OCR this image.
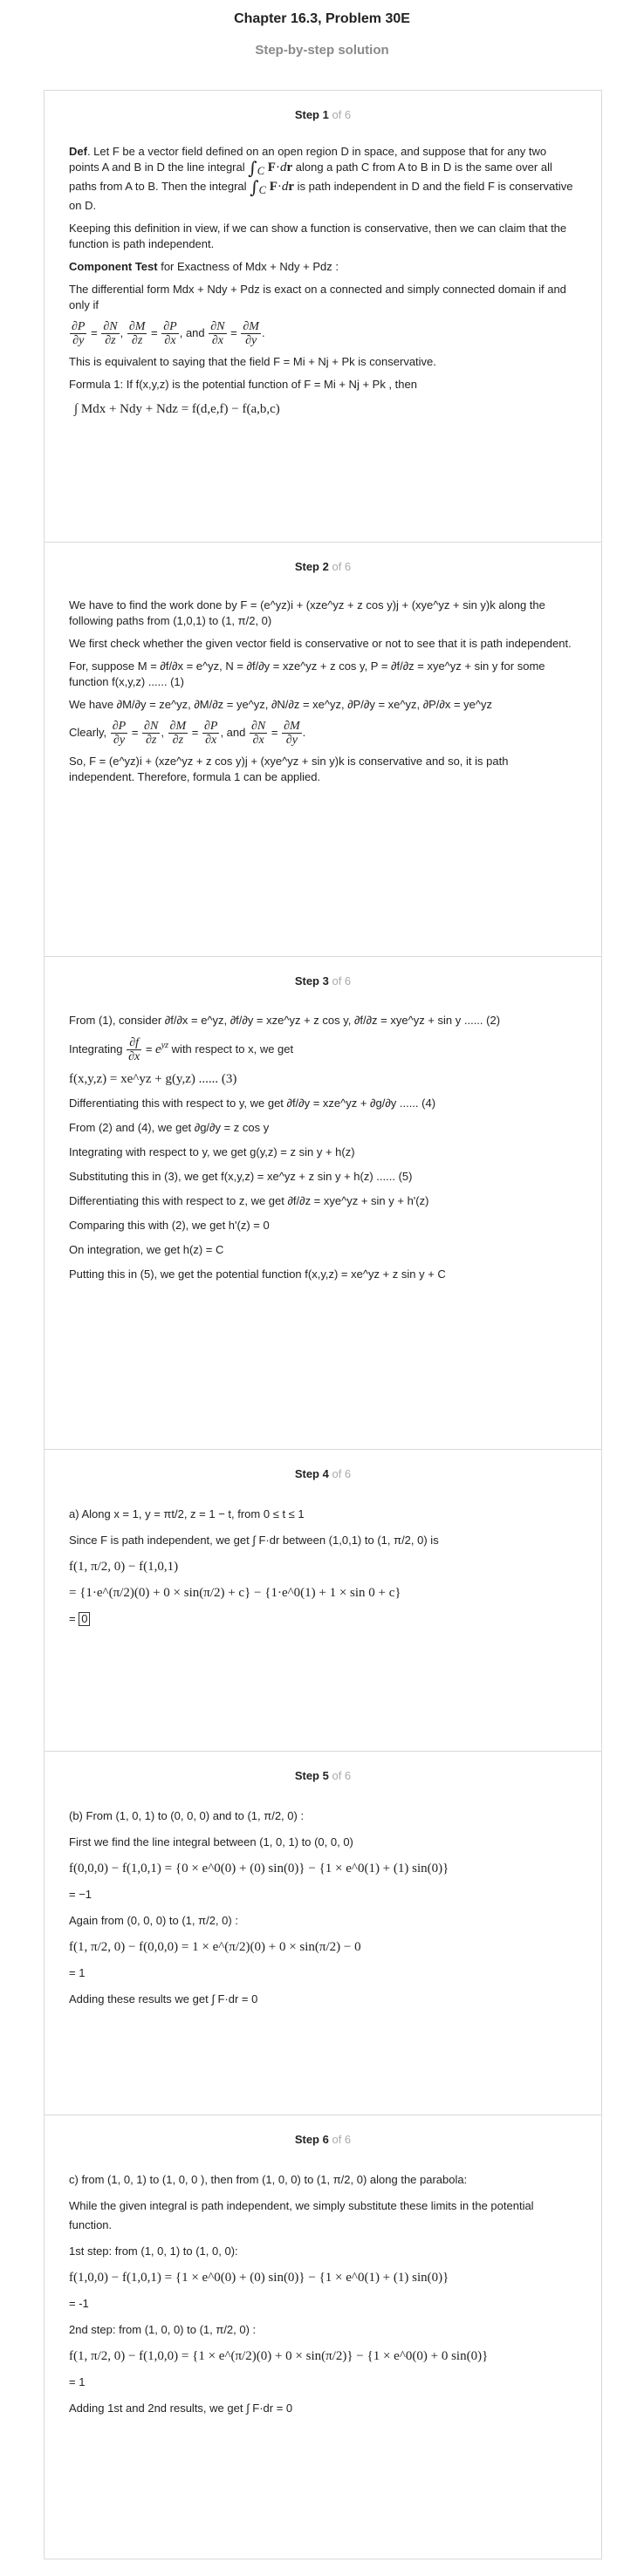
Chapter 16.3, Problem 30E
Step-by-step solution
Step 1 of 6
Def. Let F be a vector field defined on an open region D in space, and suppose that for any two points A and B in D the line integral $\int_C$ F·dr along a path C from A to B in D is the same over all paths from A to B. Then the integral $\int_C$ F·dr is path independent in D and the field F is conservative on D.
Keeping this definition in view, if we can show a function is conservative, then we can claim that the function is path independent.
Component Test for Exactness of Mdx + Ndy + Pdz :
The differential form Mdx + Ndy + Pdz is exact on a connected and simply connected domain if and only if
$\frac{\partial P}{\partial y} = \frac{\partial N}{\partial z}$ , $\frac{\partial M}{\partial z} = \frac{\partial P}{\partial x}$ , and $\frac{\partial N}{\partial x} = \frac{\partial M}{\partial y}$ .
This is equivalent to saying that the field F = Mi + Nj + Pk is conservative.
Formula 1: If f(x,y,z) is the potential function of F = Mi + Nj + Pk , then
∫ Mdx + Ndy + Ndz = f(d,e,f) − f(a,b,c)
Step 2 of 6
We have to find the work done by F = (e^yz)i + (xze^yz + z cos y)j + (xye^yz + sin y)k along the following paths from (1,0,1) to (1, π/2, 0)
We first check whether the given vector field is conservative or not to see that it is path independent.
For, suppose M = ∂f/∂x = e^yz, N = ∂f/∂y = xze^yz + z cos y, P = ∂f/∂z = xye^yz + sin y for some function f(x,y,z) ...... (1)
We have ∂M/∂y = ze^yz, ∂M/∂z = ye^yz, ∂N/∂z = xe^yz, ∂P/∂y = xe^yz, ∂P/∂x = ye^yz
Clearly, $\frac{\partial P}{\partial y} = \frac{\partial N}{\partial z}$ , $\frac{\partial M}{\partial z} = \frac{\partial P}{\partial x}$ , and $\frac{\partial N}{\partial x} = \frac{\partial M}{\partial y}$ .
So, F = (e^yz)i + (xze^yz + z cos y)j + (xye^yz + sin y)k is conservative and so, it is path independent. Therefore, formula 1 can be applied.
Step 3 of 6
From (1), consider ∂f/∂x = e^yz, ∂f/∂y = xze^yz + z cos y, ∂f/∂z = xye^yz + sin y ...... (2)
Integrating $\frac{\partial f}{\partial x} = e^{yz}$ with respect to x, we get
f(x,y,z) = xe^yz + g(y,z) ...... (3)
Differentiating this with respect to y, we get ∂f/∂y = xze^yz + ∂g/∂y ...... (4)
From (2) and (4), we get ∂g/∂y = z cos y
Integrating with respect to y, we get g(y,z) = z sin y + h(z)
Substituting this in (3), we get f(x,y,z) = xe^yz + z sin y + h(z) ...... (5)
Differentiating this with respect to z, we get ∂f/∂z = xye^yz + sin y + h'(z)
Comparing this with (2), we get h'(z) = 0
On integration, we get h(z) = C
Putting this in (5), we get the potential function f(x,y,z) = xe^yz + z sin y + C
Step 4 of 6
a) Along x = 1, y = πt/2, z = 1 − t, from 0 ≤ t ≤ 1
Since F is path independent, we get ∫ F·dr between (1,0,1) to (1, π/2, 0) is
f(1, π/2, 0) − f(1,0,1)
= {1·e^(π/2)(0) + 0 × sin(π/2) + c} − {1·e^0(1) + 1 × sin 0 + c}
= 0
Step 5 of 6
(b) From (1, 0, 1) to (0, 0, 0) and to (1, π/2, 0) :
First we find the line integral between (1, 0, 1) to (0, 0, 0)
f(0,0,0) − f(1,0,1) = {0 × e^0(0) + (0) sin(0)} − {1 × e^0(1) + (1) sin(0)}
= −1
Again from (0, 0, 0) to (1, π/2, 0) :
f(1, π/2, 0) − f(0,0,0) = 1 × e^(π/2)(0) + 0 × sin(π/2) − 0
= 1
Adding these results we get ∫ F·dr = 0
Step 6 of 6
c) from (1, 0, 1) to (1, 0, 0 ), then from (1, 0, 0) to (1, π/2, 0) along the parabola:
While the given integral is path independent, we simply substitute these limits in the potential function.
1st step: from (1, 0, 1) to (1, 0, 0):
f(1,0,0) − f(1,0,1) = {1 × e^0(0) + (0) sin(0)} − {1 × e^0(1) + (1) sin(0)}
= -1
2nd step: from (1, 0, 0) to (1, π/2, 0) :
f(1, π/2, 0) − f(1,0,0) = {1 × e^(π/2)(0) + 0 × sin(π/2)} − {1 × e^0(0) + 0 sin(0)}
= 1
Adding 1st and 2nd results, we get ∫ F·dr = 0
